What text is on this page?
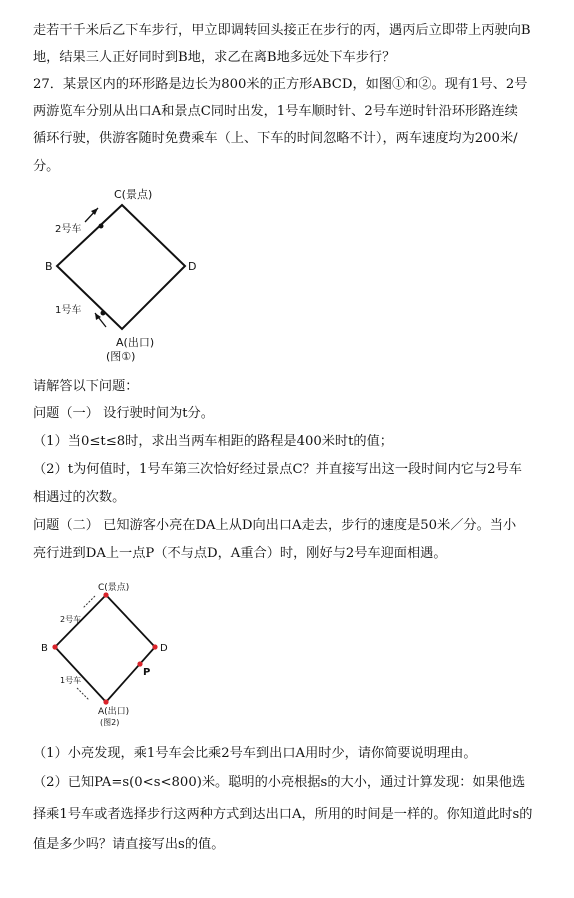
走若干千米后乙下车步行，甲立即调转回头接正在步行的丙，遇丙后立即带上丙驶向B
地，结果三人正好同时到B地，求乙在离B地多远处下车步行？
27．某景区内的环形路是边长为800米的正方形ABCD，如图①和②。现有1号、2号
两游览车分别从出口A和景点C同时出发，1号车顺时针、2号车逆时针沿环形路连续
循环行驶，供游客随时免费乘车（上、下车的时间忽略不计），两车速度均为200米/
分。
C(景点)
B	D
A(出口)
2号车
1号车
(图①)
请解答以下问题：
问题（一） 设行驶时间为t分。
（1）当0≤t≤8时，求出当两车相距的路程是400米时t的值；
（2）t为何值时，1号车第三次恰好经过景点C？并直接写出这一段时间内它与2号车
相遇过的次数。
问题（二） 已知游客小亮在DA上从D向出口A走去，步行的速度是50米／分。当小
亮行进到DA上一点P（不与点D，A重合）时，刚好与2号车迎面相遇。
C(景点)
B	D
P
A(出口)
2号车
1号车
(图2)
（1）小亮发现，乘1号车会比乘2号车到出口A用时少，请你简要说明理由。
（2）已知PA=s(0<s<800)米。聪明的小亮根据s的大小，通过计算发现：如果他选
择乘1号车或者选择步行这两种方式到达出口A，所用的时间是一样的。你知道此时s的
值是多少吗？请直接写出s的值。
